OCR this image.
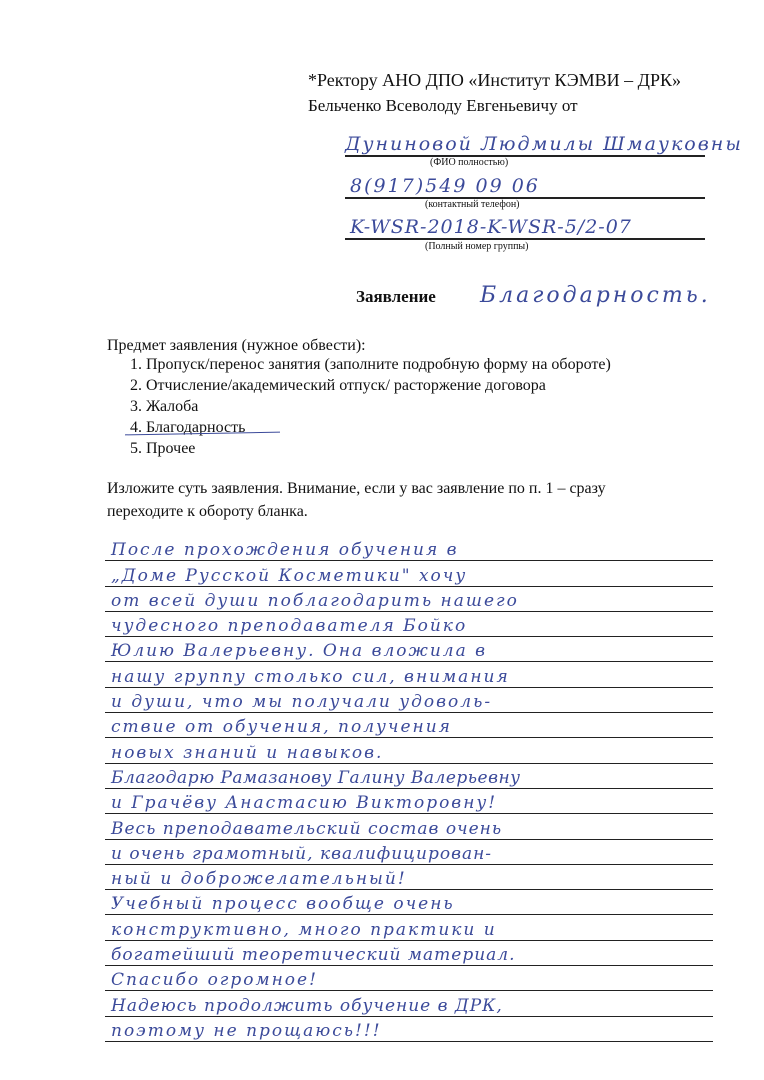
*Ректору АНО ДПО «Институт КЭМВИ – ДРК»
Бельченко Всеволоду Евгеньевичу от
Дуниновой Людмилы Шмауковны
(ФИО полностью)
8(917)549 09 06
(контактный телефон)
K-WSR-2018-K-WSR-5/2-07
(Полный номер группы)
Заявление Благодарность.
Предмет заявления (нужное обвести):
1. Пропуск/перенос занятия (заполните подробную форму на обороте)
2. Отчисление/академический отпуск/ расторжение договора
3. Жалоба
4. Благодарность
5. Прочее
Изложите суть заявления. Внимание, если у вас заявление по п. 1 – сразу
переходите к обороту бланка.
После прохождения обучения в
„Доме Русской Косметики" хочу
от всей души поблагодарить нашего
чудесного преподавателя Бойко
Юлию Валерьевну. Она вложила в
нашу группу столько сил, внимания
и души, что мы получали удоволь-
ствие от обучения, получения
новых знаний и навыков.
Благодарю Рамазанову Галину Валерьевну
и Грачёву Анастасию Викторовну!
Весь преподавательский состав очень
и очень грамотный, квалифицирован-
ный и доброжелательный!
Учебный процесс вообще очень
конструктивно, много практики и
богатейший теоретический материал.
Спасибо огромное!
Надеюсь продолжить обучение в ДРК,
поэтому не прощаюсь!!!
